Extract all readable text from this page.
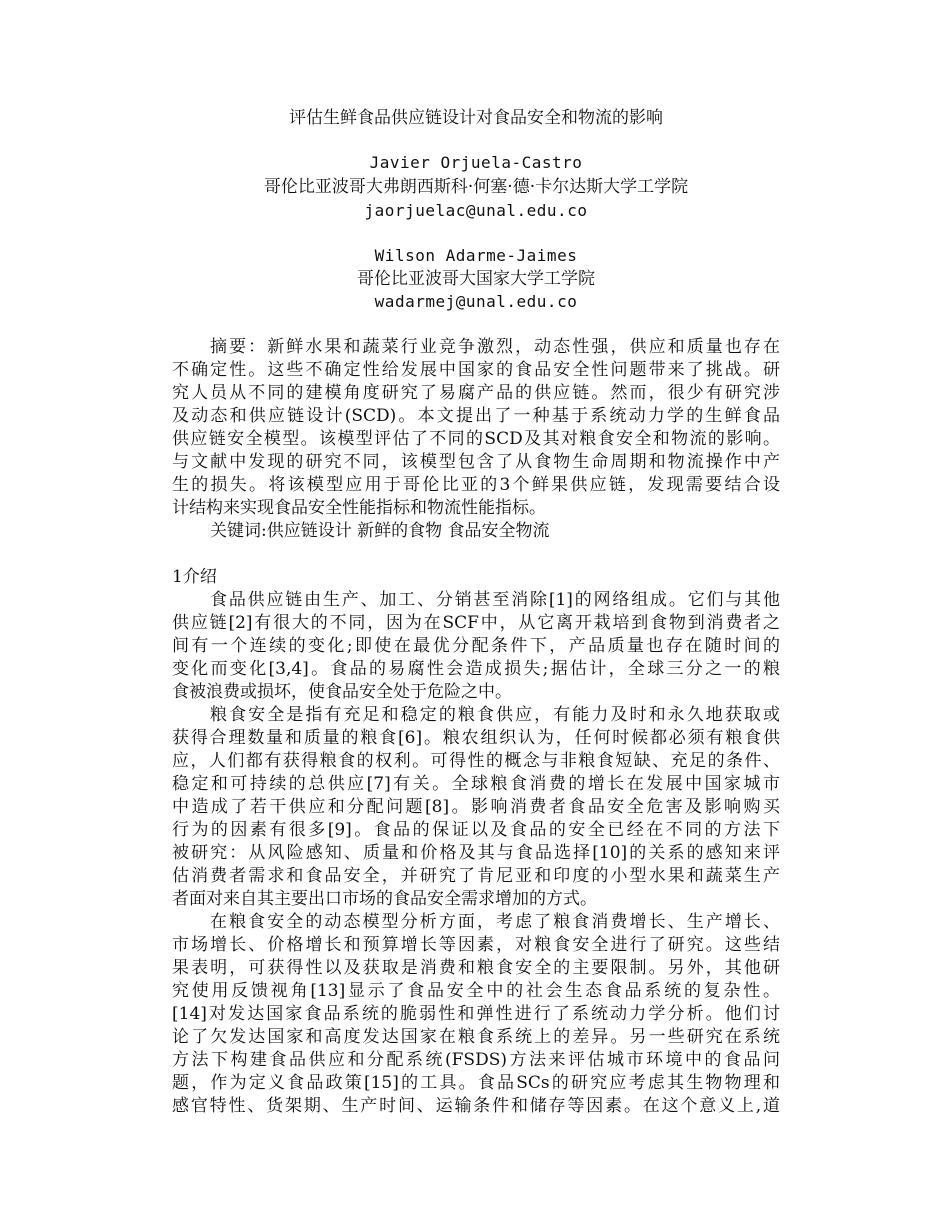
评估生鲜食品供应链设计对食品安全和物流的影响
Javier Orjuela-Castro
哥伦比亚波哥大弗朗西斯科·何塞·德·卡尔达斯大学工学院
jaorjuelac@unal.edu.co
Wilson Adarme-Jaimes
哥伦比亚波哥大国家大学工学院
wadarmej@unal.edu.co
摘要：新鲜水果和蔬菜行业竞争激烈，动态性强，供应和质量也存在
不确定性。这些不确定性给发展中国家的食品安全性问题带来了挑战。研
究人员从不同的建模角度研究了易腐产品的供应链。然而，很少有研究涉
及动态和供应链设计(SCD)。本文提出了一种基于系统动力学的生鲜食品
供应链安全模型。该模型评估了不同的SCD及其对粮食安全和物流的影响。
与文献中发现的研究不同，该模型包含了从食物生命周期和物流操作中产
生的损失。将该模型应用于哥伦比亚的3个鲜果供应链，发现需要结合设
计结构来实现食品安全性能指标和物流性能指标。
关键词:供应链设计 新鲜的食物 食品安全物流
1介绍
食品供应链由生产、加工、分销甚至消除[1]的网络组成。它们与其他
供应链[2]有很大的不同，因为在SCF中，从它离开栽培到食物到消费者之
间有一个连续的变化;即使在最优分配条件下，产品质量也存在随时间的
变化而变化[3,4]。食品的易腐性会造成损失;据估计，全球三分之一的粮
食被浪费或损坏，使食品安全处于危险之中。
粮食安全是指有充足和稳定的粮食供应，有能力及时和永久地获取或
获得合理数量和质量的粮食[6]。粮农组织认为，任何时候都必须有粮食供
应，人们都有获得粮食的权利。可得性的概念与非粮食短缺、充足的条件、
稳定和可持续的总供应[7]有关。全球粮食消费的增长在发展中国家城市
中造成了若干供应和分配问题[8]。影响消费者食品安全危害及影响购买
行为的因素有很多[9]。食品的保证以及食品的安全已经在不同的方法下
被研究：从风险感知、质量和价格及其与食品选择[10]的关系的感知来评
估消费者需求和食品安全，并研究了肯尼亚和印度的小型水果和蔬菜生产
者面对来自其主要出口市场的食品安全需求增加的方式。
在粮食安全的动态模型分析方面，考虑了粮食消费增长、生产增长、
市场增长、价格增长和预算增长等因素，对粮食安全进行了研究。这些结
果表明，可获得性以及获取是消费和粮食安全的主要限制。另外，其他研
究使用反馈视角[13]显示了食品安全中的社会生态食品系统的复杂性。
[14]对发达国家食品系统的脆弱性和弹性进行了系统动力学分析。他们讨
论了欠发达国家和高度发达国家在粮食系统上的差异。另一些研究在系统
方法下构建食品供应和分配系统(FSDS)方法来评估城市环境中的食品问
题，作为定义食品政策[15]的工具。食品SCs的研究应考虑其生物物理和
感官特性、货架期、生产时间、运输条件和储存等因素。在这个意义上,道
